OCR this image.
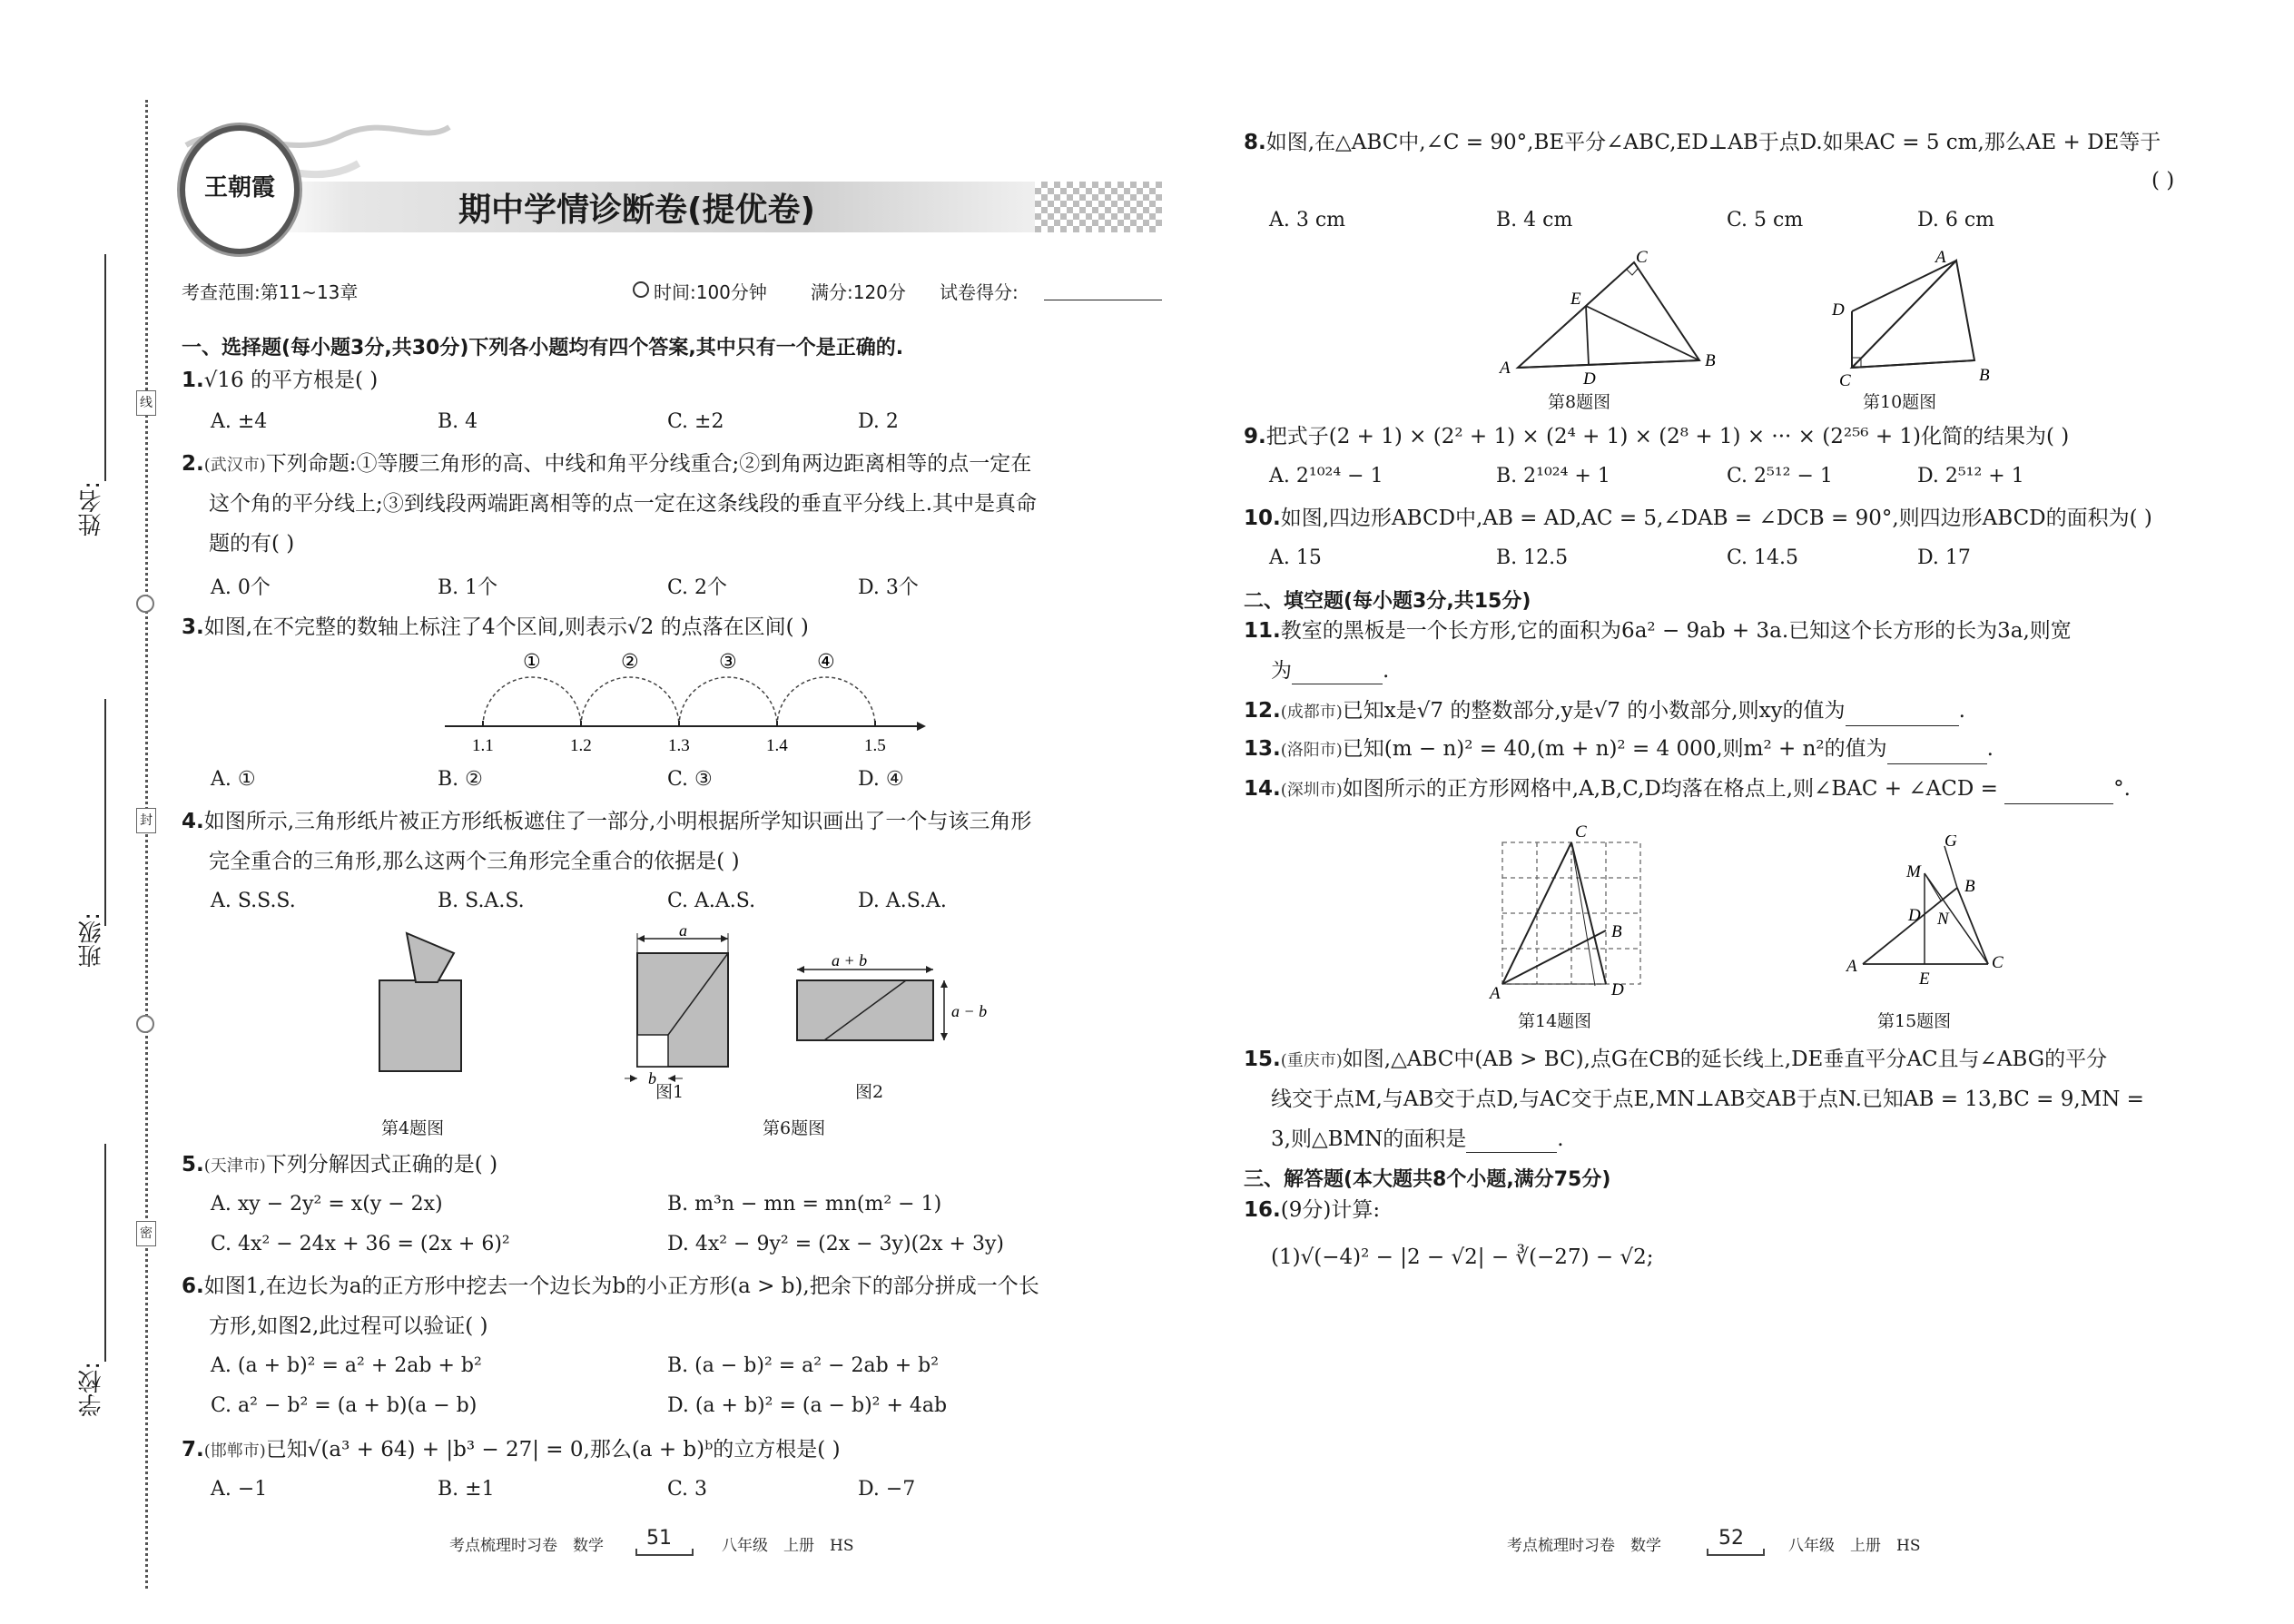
姓名:
班级:
学校:
线
封
密
王朝霞
期中学情诊断卷(提优卷)
考查范围:第11~13章	时间:100分钟 满分:120分 试卷得分:
一、选择题(每小题3分,共30分)下列各小题均有四个答案,其中只有一个是正确的.
1.√16 的平方根是( )
A. ±4	B. 4	C. ±2	D. 2
2.(武汉市)下列命题:①等腰三角形的高、中线和角平分线重合;②到角两边距离相等的点一定在
这个角的平分线上;③到线段两端距离相等的点一定在这条线段的垂直平分线上.其中是真命
题的有( )
A. 0个	B. 1个	C. 2个	D. 3个
3.如图,在不完整的数轴上标注了4个区间,则表示√2 的点落在区间( )
1.1	1.2	1.3	1.4	1.5
①	②	③	④
A. ①	B. ②	C. ③	D. ④
4.如图所示,三角形纸片被正方形纸板遮住了一部分,小明根据所学知识画出了一个与该三角形
完全重合的三角形,那么这两个三角形完全重合的依据是( )
A. S.S.S.	B. S.A.S.	C. A.A.S.	D. A.S.A.
a
b
a + b
a − b
图1	图2
第4题图	第6题图
5.(天津市)下列分解因式正确的是( )
A. xy − 2y² = x(y − 2x)	B. m³n − mn = mn(m² − 1)
C. 4x² − 24x + 36 = (2x + 6)²	D. 4x² − 9y² = (2x − 3y)(2x + 3y)
6.如图1,在边长为a的正方形中挖去一个边长为b的小正方形(a > b),把余下的部分拼成一个长
方形,如图2,此过程可以验证( )
A. (a + b)² = a² + 2ab + b²	B. (a − b)² = a² − 2ab + b²
C. a² − b² = (a + b)(a − b)	D. (a + b)² = (a − b)² + 4ab
7.(邯郸市)已知√(a³ + 64) + |b³ − 27| = 0,那么(a + b)ᵇ的立方根是( )
A. −1	B. ±1	C. 3	D. −7
考点梳理时习卷　数学 51	八年级　上册　HS
8.如图,在△ABC中,∠C = 90°,BE平分∠ABC,ED⊥AB于点D.如果AC = 5 cm,那么AE + DE等于
( )
A. 3 cm	B. 4 cm	C. 5 cm	D. 6 cm
A
C
B
E
D
A
D
C	B
第8题图	第10题图
9.把式子(2 + 1) × (2² + 1) × (2⁴ + 1) × (2⁸ + 1) × ··· × (2²⁵⁶ + 1)化简的结果为( )
A. 2¹⁰²⁴ − 1	B. 2¹⁰²⁴ + 1	C. 2⁵¹² − 1	D. 2⁵¹² + 1
10.如图,四边形ABCD中,AB = AD,AC = 5,∠DAB = ∠DCB = 90°,则四边形ABCD的面积为( )
A. 15	B. 12.5	C. 14.5	D. 17
二、填空题(每小题3分,共15分)
11.教室的黑板是一个长方形,它的面积为6a² − 9ab + 3a.已知这个长方形的长为3a,则宽
为	.
12.(成都市)已知x是√7 的整数部分,y是√7 的小数部分,则xy的值为	.
13.(洛阳市)已知(m − n)² = 40,(m + n)² = 4 000,则m² + n²的值为	.
14.(深圳市)如图所示的正方形网格中,A,B,C,D均落在格点上,则∠BAC + ∠ACD =	°.
C
B
A	D
G
M
B
D N
A
E
C
第14题图	第15题图
15.(重庆市)如图,△ABC中(AB > BC),点G在CB的延长线上,DE垂直平分AC且与∠ABG的平分
线交于点M,与AB交于点D,与AC交于点E,MN⊥AB交AB于点N.已知AB = 13,BC = 9,MN =
3,则△BMN的面积是	.
三、解答题(本大题共8个小题,满分75分)
16.(9分)计算:
(1)√(−4)² − |2 − √2| − ∛(−27) − √2;
考点梳理时习卷　数学	52	八年级　上册　HS
